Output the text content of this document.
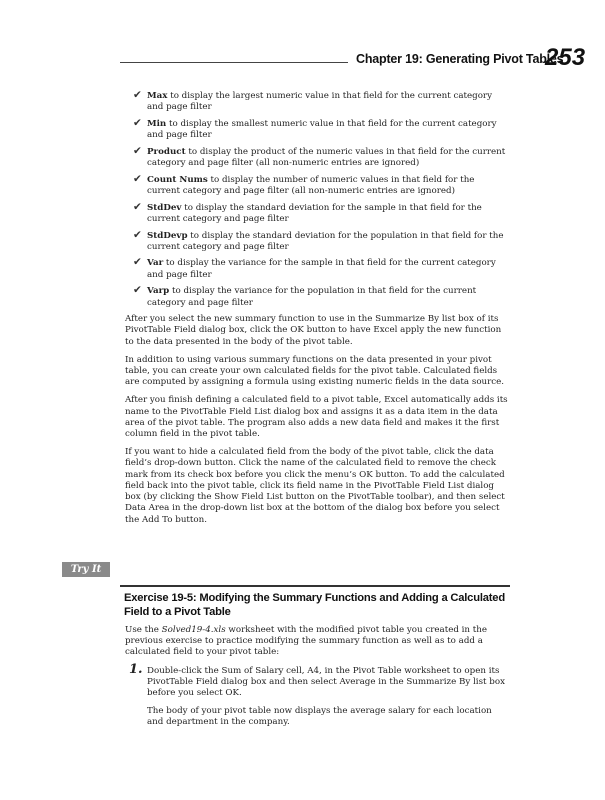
Chapter 19: Generating Pivot Tables
253
✔ Max to display the largest numeric value in that field for the current category and page filter
✔ Min to display the smallest numeric value in that field for the current category and page filter
✔ Product to display the product of the numeric values in that field for the current category and page filter (all non-numeric entries are ignored)
✔ Count Nums to display the number of numeric values in that field for the current category and page filter (all non-numeric entries are ignored)
✔ StdDev to display the standard deviation for the sample in that field for the current category and page filter
✔ StdDevp to display the standard deviation for the population in that field for the current category and page filter
✔ Var to display the variance for the sample in that field for the current category and page filter
✔ Varp to display the variance for the population in that field for the current category and page filter

After you select the new summary function to use in the Summarize By list box of its PivotTable Field dialog box, click the OK button to have Excel apply the new function to the data presented in the body of the pivot table.

In addition to using various summary functions on the data presented in your pivot table, you can create your own calculated fields for the pivot table. Calculated fields are computed by assigning a formula using existing numeric fields in the data source.

After you finish defining a calculated field to a pivot table, Excel automatically adds its name to the PivotTable Field List dialog box and assigns it as a data item in the data area of the pivot table. The program also adds a new data field and makes it the first column field in the pivot table.

If you want to hide a calculated field from the body of the pivot table, click the data field’s drop-down button. Click the name of the calculated field to remove the check mark from its check box before you click the menu’s OK button. To add the calculated field back into the pivot table, click its field name in the PivotTable Field List dialog box (by clicking the Show Field List button on the PivotTable toolbar), and then select Data Area in the drop-down list box at the bottom of the dialog box before you select the Add To button.

Try It
Exercise 19-5: Modifying the Summary Functions and Adding a Calculated Field to a Pivot Table

Use the Solved19-4.xls worksheet with the modified pivot table you created in the previous exercise to practice modifying the summary function as well as to add a calculated field to your pivot table:

1. Double-click the Sum of Salary cell, A4, in the Pivot Table worksheet to open its PivotTable Field dialog box and then select Average in the Summarize By list box before you select OK.

The body of your pivot table now displays the average salary for each location and department in the company.
